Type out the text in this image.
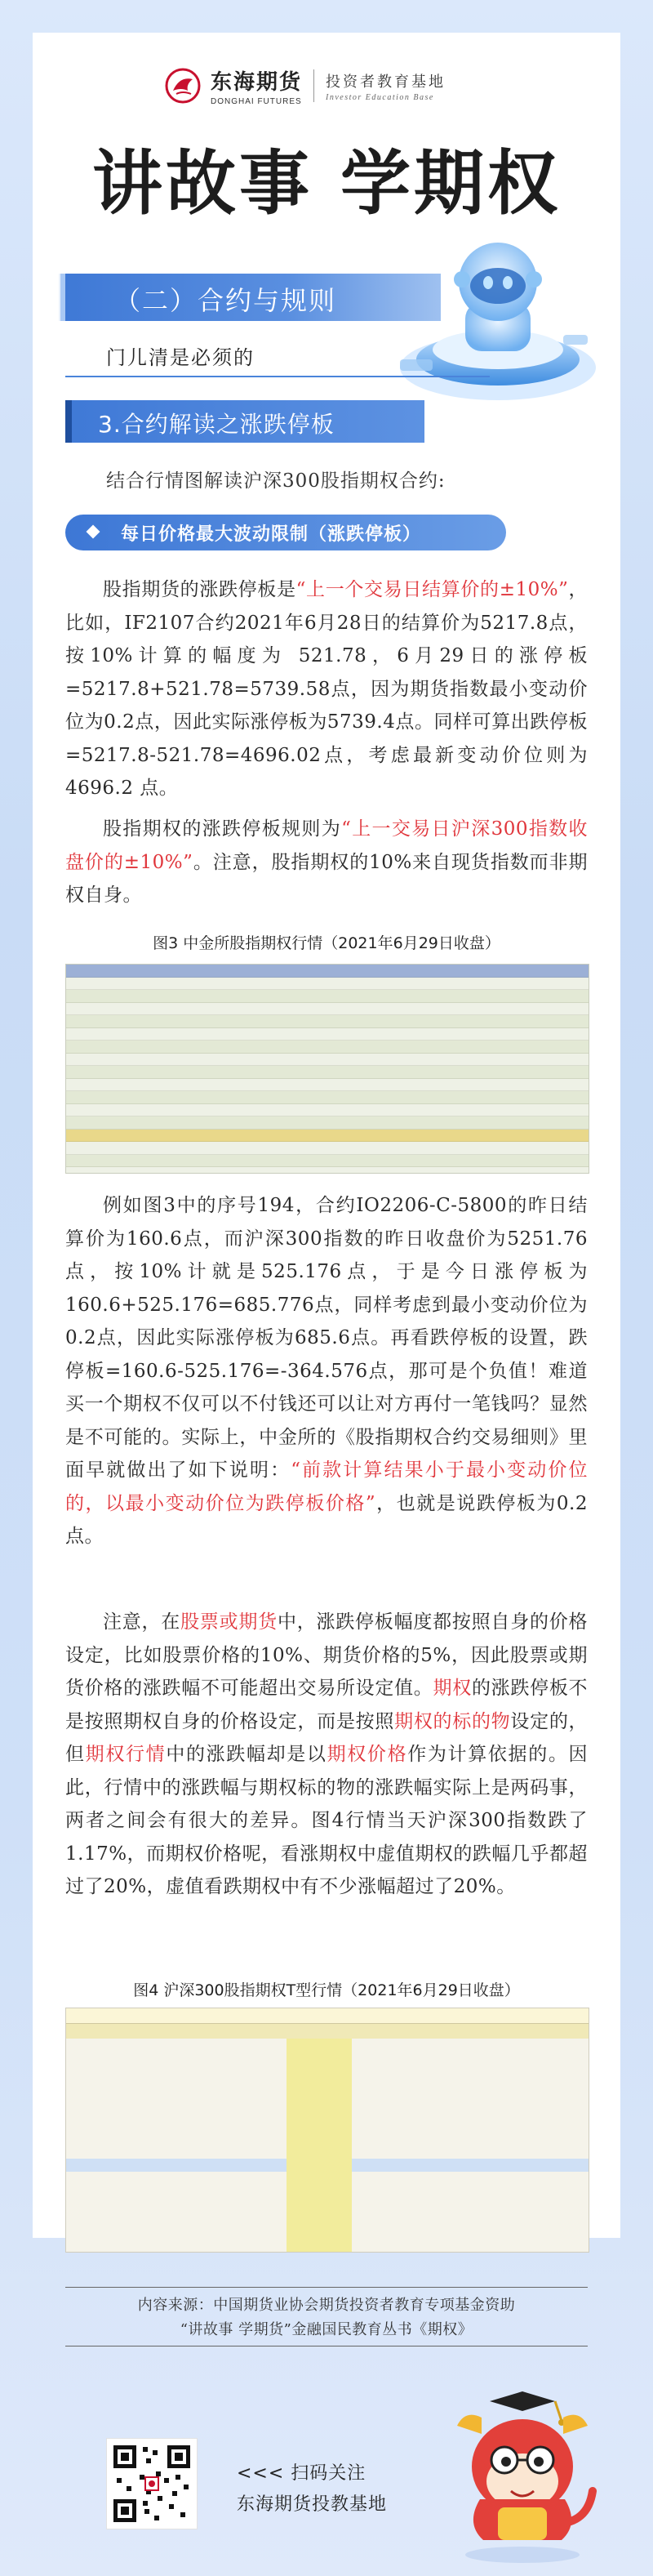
东海期货
DONGHAI FUTURES
投资者教育基地
Investor Education Base
讲故事 学期权
（二）合约与规则
门儿清是必须的
3.合约解读之涨跌停板
结合行情图解读沪深300股指期权合约:
每日价格最大波动限制（涨跌停板）
股指期货的涨跌停板是“上一个交易日结算价的±10%”，比如，IF2107合约2021年6月28日的结算价为5217.8点，按10%计算的幅度为 521.78，6月29日的涨停板=5217.8+521.78=5739.58点，因为期货指数最小变动价位为0.2点，因此实际涨停板为5739.4点。同样可算出跌停板=5217.8-521.78=4696.02点，考虑最新变动价位则为4696.2 点。
股指期权的涨跌停板规则为“上一交易日沪深300指数收盘价的±10%”。注意，股指期权的10%来自现货指数而非期权自身。
图3 中金所股指期权行情（2021年6月29日收盘）
例如图3中的序号194，合约IO2206-C-5800的昨日结算价为160.6点，而沪深300指数的昨日收盘价为5251.76点，按10%计就是525.176点，于是今日涨停板为160.6+525.176=685.776点，同样考虑到最小变动价位为0.2点，因此实际涨停板为685.6点。再看跌停板的设置，跌停板=160.6-525.176=-364.576点，那可是个负值！难道买一个期权不仅可以不付钱还可以让对方再付一笔钱吗？显然是不可能的。实际上，中金所的《股指期权合约交易细则》里面早就做出了如下说明：“前款计算结果小于最小变动价位的，以最小变动价位为跌停板价格”，也就是说跌停板为0.2点。
注意，在股票或期货中，涨跌停板幅度都按照自身的价格设定，比如股票价格的10%、期货价格的5%，因此股票或期货价格的涨跌幅不可能超出交易所设定值。期权的涨跌停板不是按照期权自身的价格设定，而是按照期权的标的物设定的，但期权行情中的涨跌幅却是以期权价格作为计算依据的。因此，行情中的涨跌幅与期权标的物的涨跌幅实际上是两码事，两者之间会有很大的差异。图4行情当天沪深300指数跌了1.17%，而期权价格呢，看涨期权中虚值期权的跌幅几乎都超过了20%，虚值看跌期权中有不少涨幅超过了20%。
图4 沪深300股指期权T型行情（2021年6月29日收盘）
内容来源：中国期货业协会期货投资者教育专项基金资助
“讲故事 学期货”金融国民教育丛书《期权》
<<< 扫码关注
东海期货投教基地
